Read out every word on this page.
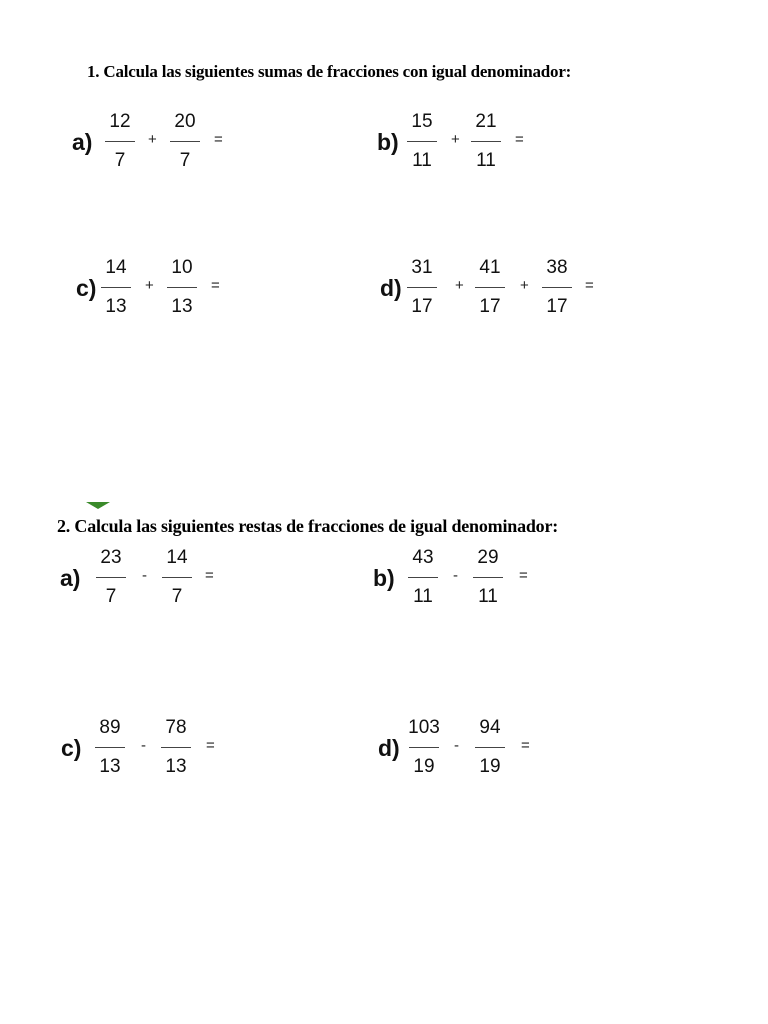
1. Calcula las siguientes sumas de fracciones con igual denominador:
a)
12
7
+
20
7
=	b)
15
11
+
21
11
=
c)
14
13
+
10
13
=	d)
31
17
+
41
17
+
38
17
=
2. Calcula las siguientes restas de fracciones de igual denominador:
a)
23
7
-
14
7
=	b)
43
11
-
29
11
=
c)
89
13
-
78
13
=	d)
103
19
-
94
19
=
